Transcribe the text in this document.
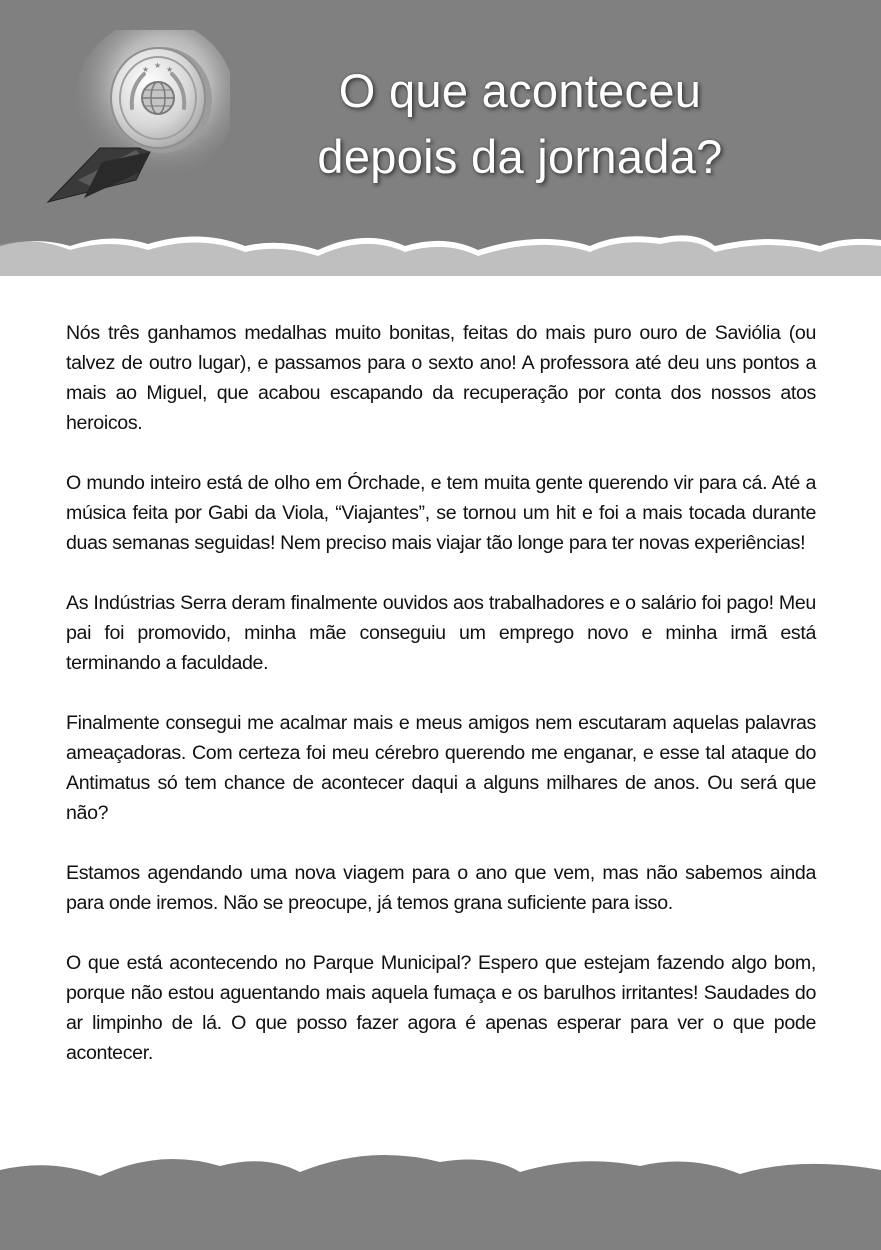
★ ★ ★	O que aconteceu
depois da jornada?

Nós três ganhamos medalhas muito bonitas, feitas do mais puro ouro de Saviólia (ou talvez de outro lugar), e passamos para o sexto ano! A professora até deu uns pontos a mais ao Miguel, que acabou escapando da recuperação por conta dos nossos atos heroicos.

O mundo inteiro está de olho em Órchade, e tem muita gente querendo vir para cá. Até a música feita por Gabi da Viola, “Viajantes”, se tornou um hit e foi a mais tocada durante duas semanas seguidas! Nem preciso mais viajar tão longe para ter novas experiências!

As Indústrias Serra deram finalmente ouvidos aos trabalhadores e o salário foi pago! Meu pai foi promovido, minha mãe conseguiu um emprego novo e minha irmã está terminando a faculdade.

Finalmente consegui me acalmar mais e meus amigos nem escutaram aquelas palavras ameaçadoras. Com certeza foi meu cérebro querendo me enganar, e esse tal ataque do Antimatus só tem chance de acontecer daqui a alguns milhares de anos. Ou será que não?

Estamos agendando uma nova viagem para o ano que vem, mas não sabemos ainda para onde iremos. Não se preocupe, já temos grana suficiente para isso.

O que está acontecendo no Parque Municipal? Espero que estejam fazendo algo bom, porque não estou aguentando mais aquela fumaça e os barulhos irritantes! Saudades do ar limpinho de lá. O que posso fazer agora é apenas esperar para ver o que pode acontecer.
